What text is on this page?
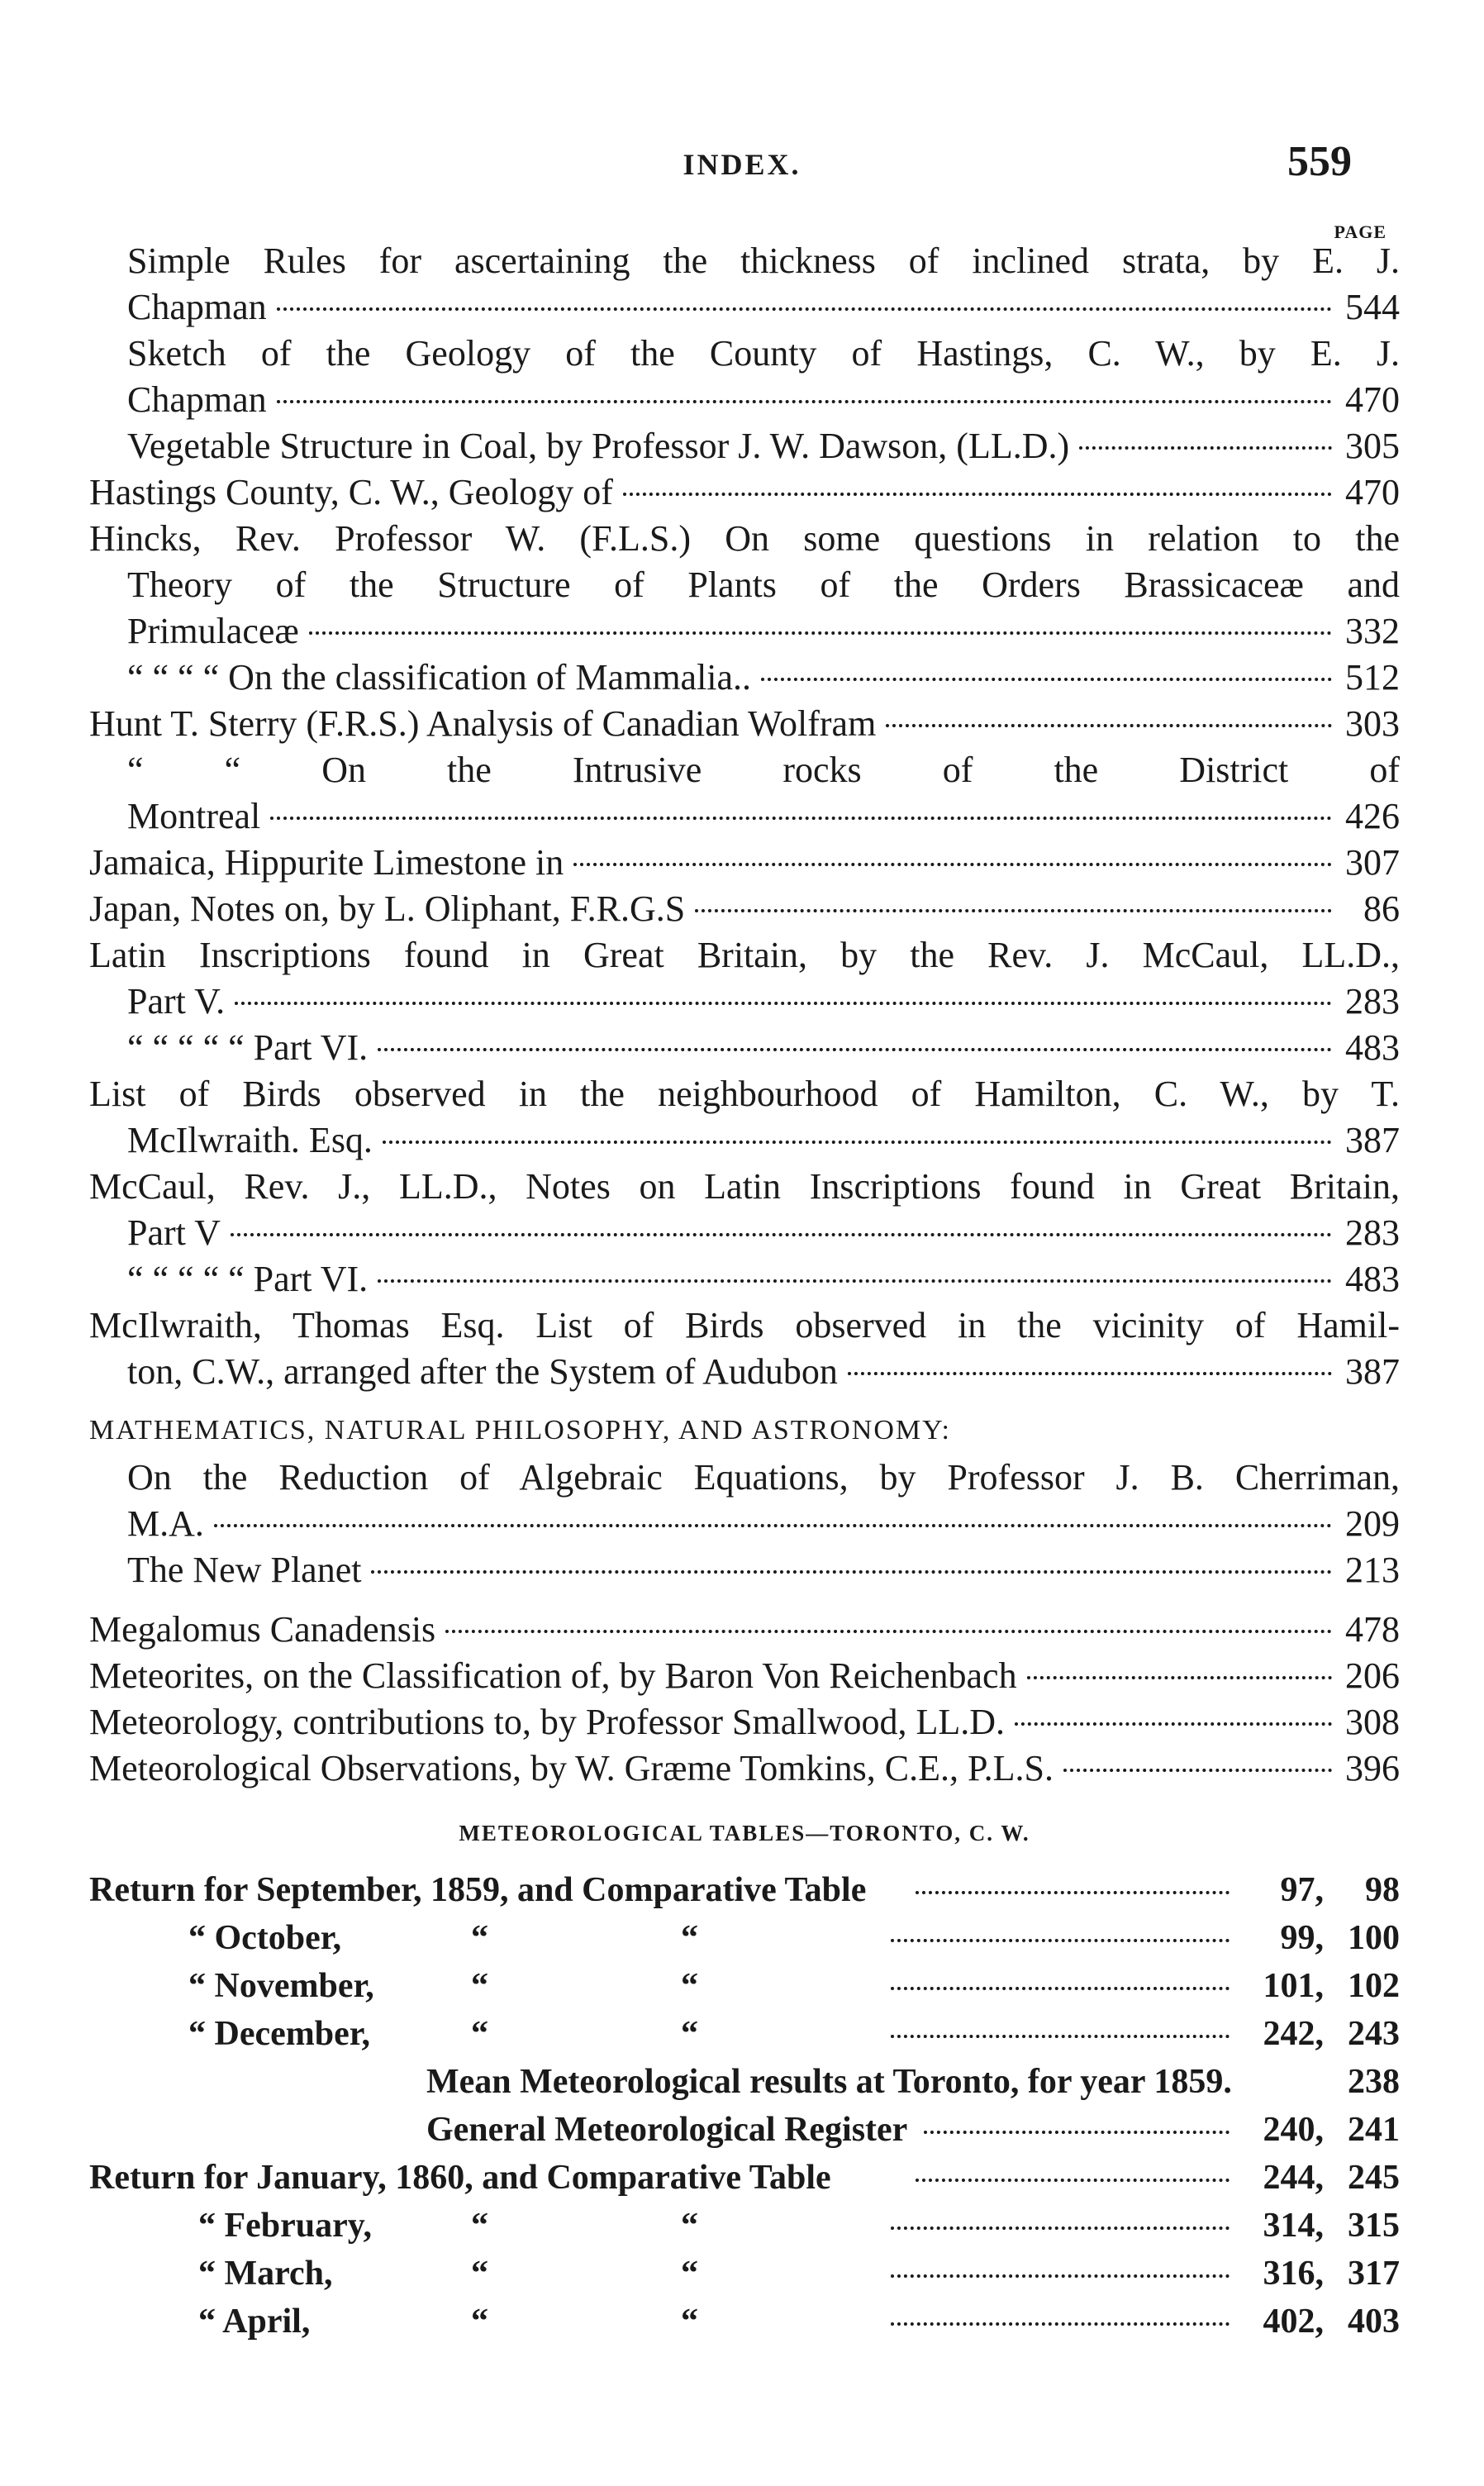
INDEX.	559
PAGE
Simple Rules for ascertaining the thickness of inclined strata, by E. J.
Chapman	544
Sketch of the Geology of the County of Hastings, C. W., by E. J.
Chapman	470
Vegetable Structure in Coal, by Professor J. W. Dawson, (LL.D.)	305
Hastings County, C. W., Geology of	470
Hincks, Rev. Professor W. (F.L.S.) On some questions in relation to the
Theory of the Structure of Plants of the Orders Brassicaceæ and
Primulaceæ	332
“ “ “ “ On the classification of Mammalia..	512
Hunt T. Sterry (F.R.S.) Analysis of Canadian Wolfram	303
“ “ On the Intrusive rocks of the District of
Montreal	426
Jamaica, Hippurite Limestone in	307
Japan, Notes on, by L. Oliphant, F.R.G.S	86
Latin Inscriptions found in Great Britain, by the Rev. J. McCaul, LL.D.,
Part V.	283
“ “ “ “ “ Part VI.	483
List of Birds observed in the neighbourhood of Hamilton, C. W., by T.
McIlwraith. Esq.	387
McCaul, Rev. J., LL.D., Notes on Latin Inscriptions found in Great Britain,
Part V	283
“ “ “ “ “ Part VI.	483
McIlwraith, Thomas Esq. List of Birds observed in the vicinity of Hamil-
ton, C.W., arranged after the System of Audubon	387
MATHEMATICS, NATURAL PHILOSOPHY, AND ASTRONOMY:
On the Reduction of Algebraic Equations, by Professor J. B. Cherriman,
M.A.	209
The New Planet	213
Megalomus Canadensis	478
Meteorites, on the Classification of, by Baron Von Reichenbach	206
Meteorology, contributions to, by Professor Smallwood, LL.D.	308
Meteorological Observations, by W. Græme Tomkins, C.E., P.L.S.	396
METEOROLOGICAL TABLES—TORONTO, C. W.
Return for September, 1859, and Comparative Table	97, 98
“ October,	“	“	99, 100
“ November,	“	“	101, 102
“ December,	“	“	242, 243
Mean Meteorological results at Toronto, for year 1859.	238
General Meteorological Register	240, 241
Return for January, 1860, and Comparative Table	244, 245
“ February,	“	“	314, 315
“ March,	“	“	316, 317
“ April,	“	“	402, 403
